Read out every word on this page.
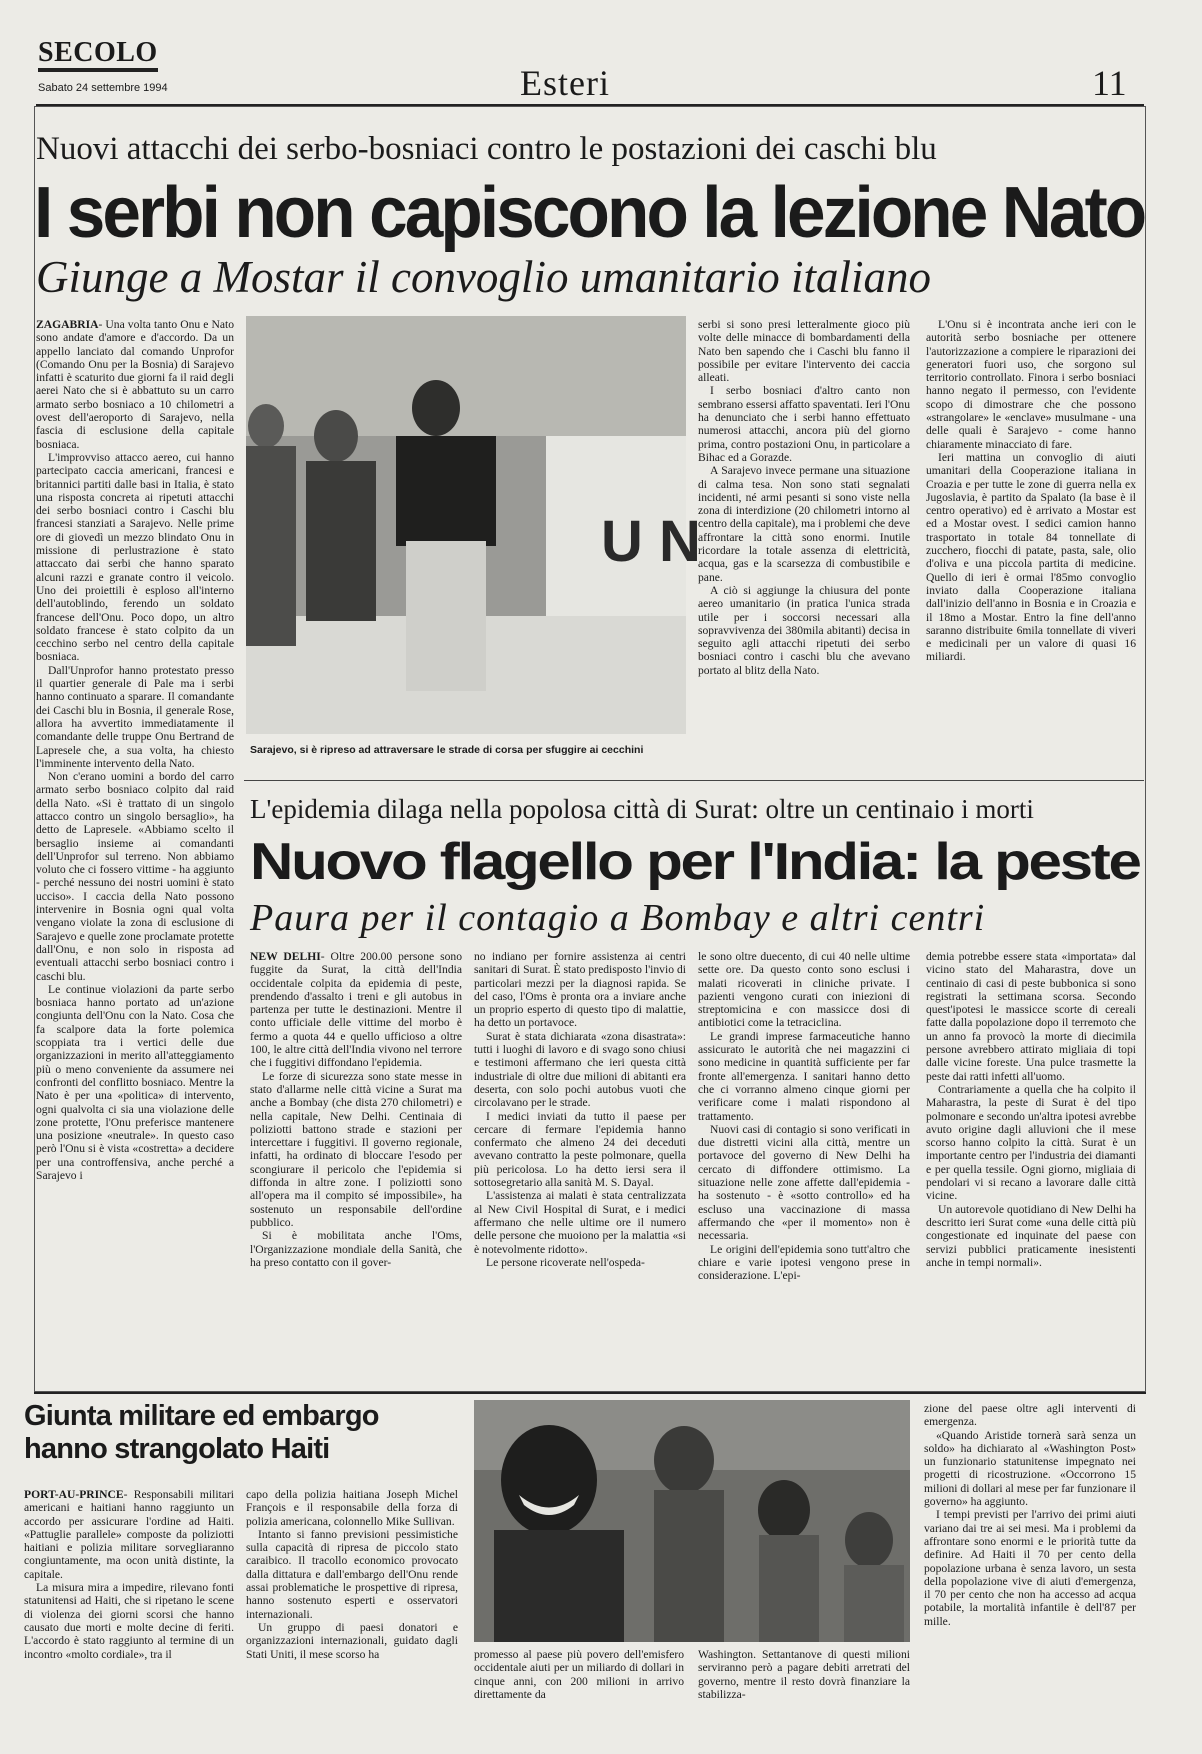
SECOLO
Sabato 24 settembre 1994	Esteri	11
Nuovi attacchi dei serbo-bosniaci contro le postazioni dei caschi blu
I serbi non capiscono la lezione Nato
Giunge a Mostar il convoglio umanitario italiano

ZAGABRIA- Una volta tanto Onu e Nato sono andate d'amore e d'accordo. Da un appello lanciato dal comando Unprofor (Comando Onu per la Bosnia) di Sarajevo infatti è scaturito due giorni fa il raid degli aerei Nato che si è abbattuto su un carro armato serbo bosniaco a 10 chilometri a ovest dell'aeroporto di Sarajevo, nella fascia di esclusione della capitale bosniaca.

L'improvviso attacco aereo, cui hanno partecipato caccia americani, francesi e britannici partiti dalle basi in Italia, è stato una risposta concreta ai ripetuti attacchi dei serbo bosniaci contro i Caschi blu francesi stanziati a Sarajevo. Nelle prime ore di giovedì un mezzo blindato Onu in missione di perlustrazione è stato attaccato dai serbi che hanno sparato alcuni razzi e granate contro il veicolo. Uno dei proiettili è esploso all'interno dell'autoblindo, ferendo un soldato francese dell'Onu. Poco dopo, un altro soldato francese è stato colpito da un cecchino serbo nel centro della capitale bosniaca.

Dall'Unprofor hanno protestato presso il quartier generale di Pale ma i serbi hanno continuato a sparare. Il comandante dei Caschi blu in Bosnia, il generale Rose, allora ha avvertito immediatamente il comandante delle truppe Onu Bertrand de Lapresele che, a sua volta, ha chiesto l'imminente intervento della Nato.

Non c'erano uomini a bordo del carro armato serbo bosniaco colpito dal raid della Nato. «Si è trattato di un singolo attacco contro un singolo bersaglio», ha detto de Lapresele. «Abbiamo scelto il bersaglio insieme ai comandanti dell'Unprofor sul terreno. Non abbiamo voluto che ci fossero vittime - ha aggiunto - perché nessuno dei nostri uomini è stato ucciso». I caccia della Nato possono intervenire in Bosnia ogni qual volta vengano violate la zona di esclusione di Sarajevo e quelle zone proclamate protette dall'Onu, e non solo in risposta ad eventuali attacchi serbo bosniaci contro i caschi blu.

Le continue violazioni da parte serbo bosniaca hanno portato ad un'azione congiunta dell'Onu con la Nato. Cosa che fa scalpore data la forte polemica scoppiata tra i vertici delle due organizzazioni in merito all'atteggiamento più o meno conveniente da assumere nei confronti del conflitto bosniaco. Mentre la Nato è per una «politica» di intervento, ogni qualvolta ci sia una violazione delle zone protette, l'Onu preferisce mantenere una posizione «neutrale». In questo caso però l'Onu si è vista «costretta» a decidere per una controffensiva, anche perché a Sarajevo i

U N
Sarajevo, si è ripreso ad attraversare le strade di corsa per sfuggire ai cecchini

serbi si sono presi letteralmente gioco più volte delle minacce di bombardamenti della Nato ben sapendo che i Caschi blu fanno il possibile per evitare l'intervento dei caccia alleati.

I serbo bosniaci d'altro canto non sembrano essersi affatto spaventati. Ieri l'Onu ha denunciato che i serbi hanno effettuato numerosi attacchi, ancora più del giorno prima, contro postazioni Onu, in particolare a Bihac ed a Gorazde.

A Sarajevo invece permane una situazione di calma tesa. Non sono stati segnalati incidenti, né armi pesanti si sono viste nella zona di interdizione (20 chilometri intorno al centro della capitale), ma i problemi che deve affrontare la città sono enormi. Inutile ricordare la totale assenza di elettricità, acqua, gas e la scarsezza di combustibile e pane.

A ciò si aggiunge la chiusura del ponte aereo umanitario (in pratica l'unica strada utile per i soccorsi necessari alla sopravvivenza dei 380mila abitanti) decisa in seguito agli attacchi ripetuti dei serbo bosniaci contro i caschi blu che avevano portato al blitz della Nato.

L'Onu si è incontrata anche ieri con le autorità serbo bosniache per ottenere l'autorizzazione a compiere le riparazioni dei generatori fuori uso, che sorgono sul territorio controllato. Finora i serbo bosniaci hanno negato il permesso, con l'evidente scopo di dimostrare che che possono «strangolare» le «enclave» musulmane - una delle quali è Sarajevo - come hanno chiaramente minacciato di fare.

Ieri mattina un convoglio di aiuti umanitari della Cooperazione italiana in Croazia e per tutte le zone di guerra nella ex Jugoslavia, è partito da Spalato (la base è il centro operativo) ed è arrivato a Mostar est ed a Mostar ovest. I sedici camion hanno trasportato in totale 84 tonnellate di zucchero, fiocchi di patate, pasta, sale, olio d'oliva e una piccola partita di medicine. Quello di ieri è ormai l'85mo convoglio inviato dalla Cooperazione italiana dall'inizio dell'anno in Bosnia e in Croazia e il 18mo a Mostar. Entro la fine dell'anno saranno distribuite 6mila tonnellate di viveri e medicinali per un valore di quasi 16 miliardi.

L'epidemia dilaga nella popolosa città di Surat: oltre un centinaio i morti
Nuovo flagello per l'India: la peste
Paura per il contagio a Bombay e altri centri

NEW DELHI- Oltre 200.00 persone sono fuggite da Surat, la città dell'India occidentale colpita da epidemia di peste, prendendo d'assalto i treni e gli autobus in partenza per tutte le destinazioni. Mentre il conto ufficiale delle vittime del morbo è fermo a quota 44 e quello ufficioso a oltre 100, le altre città dell'India vivono nel terrore che i fuggitivi diffondano l'epidemia.

Le forze di sicurezza sono state messe in stato d'allarme nelle città vicine a Surat ma anche a Bombay (che dista 270 chilometri) e nella capitale, New Delhi. Centinaia di poliziotti battono strade e stazioni per intercettare i fuggitivi. Il governo regionale, infatti, ha ordinato di bloccare l'esodo per scongiurare il pericolo che l'epidemia si diffonda in altre zone. I poliziotti sono all'opera ma il compito sé impossibile», ha sostenuto un responsabile dell'ordine pubblico.

Si è mobilitata anche l'Oms, l'Organizzazione mondiale della Sanità, che ha preso contatto con il gover-

no indiano per fornire assistenza ai centri sanitari di Surat. È stato predisposto l'invio di particolari mezzi per la diagnosi rapida. Se del caso, l'Oms è pronta ora a inviare anche un proprio esperto di questo tipo di malattie, ha detto un portavoce.

Surat è stata dichiarata «zona disastrata»: tutti i luoghi di lavoro e di svago sono chiusi e testimoni affermano che ieri questa città industriale di oltre due milioni di abitanti era deserta, con solo pochi autobus vuoti che circolavano per le strade.

I medici inviati da tutto il paese per cercare di fermare l'epidemia hanno confermato che almeno 24 dei deceduti avevano contratto la peste polmonare, quella più pericolosa. Lo ha detto iersi sera il sottosegretario alla sanità M. S. Dayal.

L'assistenza ai malati è stata centralizzata al New Civil Hospital di Surat, e i medici affermano che nelle ultime ore il numero delle persone che muoiono per la malattia «si è notevolmente ridotto».

Le persone ricoverate nell'ospeda-

le sono oltre duecento, di cui 40 nelle ultime sette ore. Da questo conto sono esclusi i malati ricoverati in cliniche private. I pazienti vengono curati con iniezioni di streptomicina e con massicce dosi di antibiotici come la tetraciclina.

Le grandi imprese farmaceutiche hanno assicurato le autorità che nei magazzini ci sono medicine in quantità sufficiente per far fronte all'emergenza. I sanitari hanno detto che ci vorranno almeno cinque giorni per verificare come i malati rispondono al trattamento.

Nuovi casi di contagio si sono verificati in due distretti vicini alla città, mentre un portavoce del governo di New Delhi ha cercato di diffondere ottimismo. La situazione nelle zone affette dall'epidemia - ha sostenuto - è «sotto controllo» ed ha escluso una vaccinazione di massa affermando che «per il momento» non è necessaria.

Le origini dell'epidemia sono tutt'altro che chiare e varie ipotesi vengono prese in considerazione. L'epi-

demia potrebbe essere stata «importata» dal vicino stato del Maharastra, dove un centinaio di casi di peste bubbonica si sono registrati la settimana scorsa. Secondo quest'ipotesi le massicce scorte di cereali fatte dalla popolazione dopo il terremoto che un anno fa provocò la morte di diecimila persone avrebbero attirato migliaia di topi dalle vicine foreste. Una pulce trasmette la peste dai ratti infetti all'uomo.

Contrariamente a quella che ha colpito il Maharastra, la peste di Surat è del tipo polmonare e secondo un'altra ipotesi avrebbe avuto origine dagli alluvioni che il mese scorso hanno colpito la città. Surat è un importante centro per l'industria dei diamanti e per quella tessile. Ogni giorno, migliaia di pendolari vi si recano a lavorare dalle città vicine.

Un autorevole quotidiano di New Delhi ha descritto ieri Surat come «una delle città più congestionate ed inquinate del paese con servizi pubblici praticamente inesistenti anche in tempi normali».

Giunta militare ed embargo hanno strangolato Haiti

PORT-AU-PRINCE- Responsabili militari americani e haitiani hanno raggiunto un accordo per assicurare l'ordine ad Haiti. «Pattuglie parallele» composte da poliziotti haitiani e polizia militare sorvegliaranno congiuntamente, ma ocon unità distinte, la capitale.

La misura mira a impedire, rilevano fonti statunitensi ad Haiti, che si ripetano le scene di violenza dei giorni scorsi che hanno causato due morti e molte decine di feriti. L'accordo è stato raggiunto al termine di un incontro «molto cordiale», tra il

capo della polizia haitiana Joseph Michel François e il responsabile della forza di polizia americana, colonnello Mike Sullivan.

Intanto si fanno previsioni pessimistiche sulla capacità di ripresa de piccolo stato caraibico. Il tracollo economico provocato dalla dittatura e dall'embargo dell'Onu rende assai problematiche le prospettive di ripresa, hanno sostenuto esperti e osservatori internazionali.

Un gruppo di paesi donatori e organizzazioni internazionali, guidato dagli Stati Uniti, il mese scorso ha	promesso al paese più povero dell'emisfero occidentale aiuti per un miliardo di dollari in cinque anni, con 200 milioni in arrivo direttamente da

Washington. Settantanove di questi milioni serviranno però a pagare debiti arretrati del governo, mentre il resto dovrà finanziare la stabilizza-

zione del paese oltre agli interventi di emergenza.

«Quando Aristide tornerà sarà senza un soldo» ha dichiarato al «Washington Post» un funzionario statunitense impegnato nei progetti di ricostruzione. «Occorrono 15 milioni di dollari al mese per far funzionare il governo» ha aggiunto.

I tempi previsti per l'arrivo dei primi aiuti variano dai tre ai sei mesi. Ma i problemi da affrontare sono enormi e le priorità tutte da definire. Ad Haiti il 70 per cento della popolazione urbana è senza lavoro, un sesta della popolazione vive di aiuti d'emergenza, il 70 per cento che non ha accesso ad acqua potabile, la mortalità infantile è dell'87 per mille.
